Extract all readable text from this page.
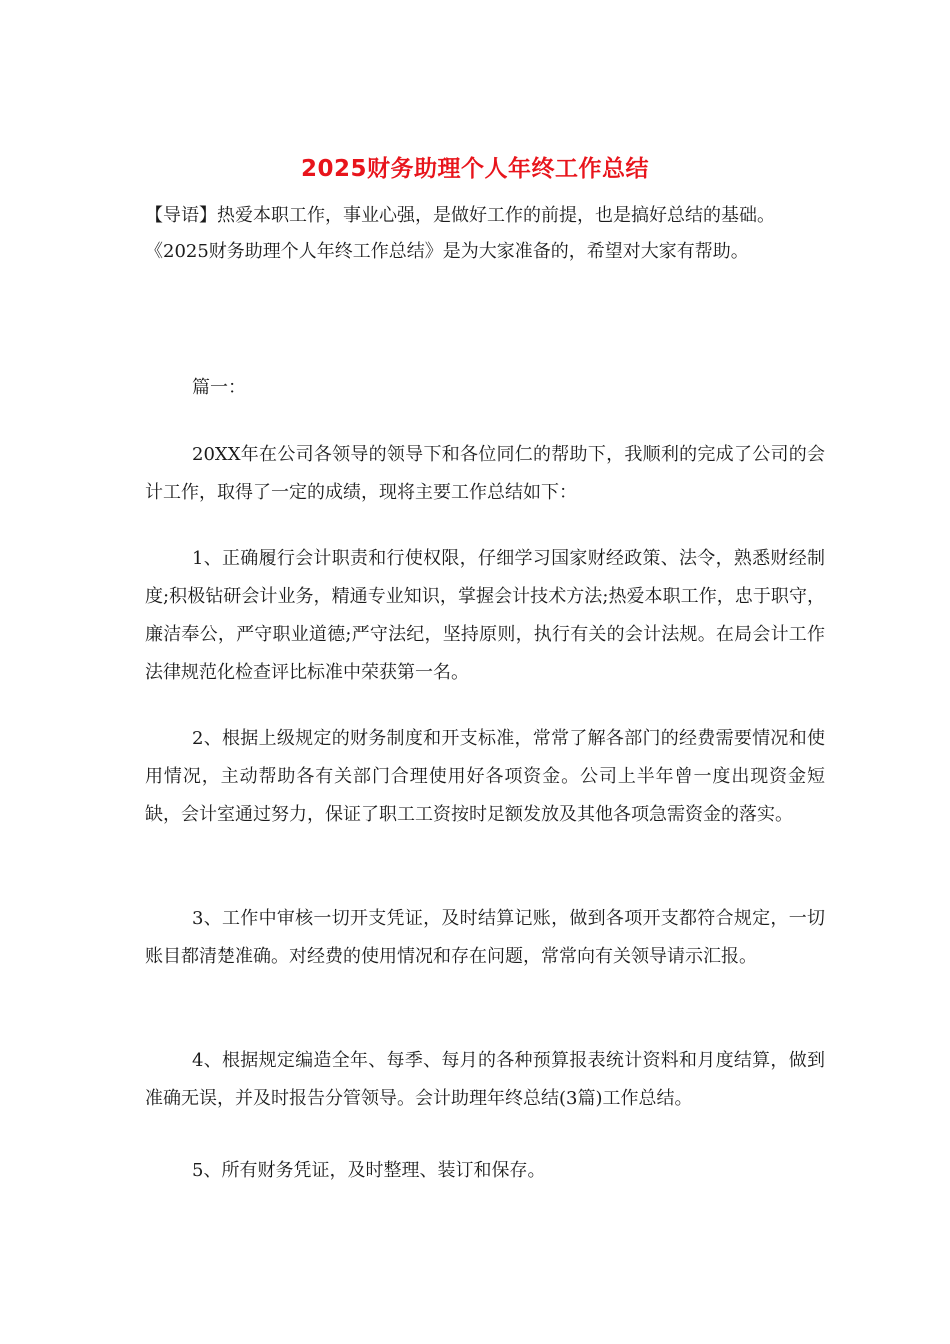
2025财务助理个人年终工作总结
【导语】热爱本职工作，事业心强，是做好工作的前提，也是搞好总结的基础。
《2025财务助理个人年终工作总结》是为大家准备的，希望对大家有帮助。
篇一：
20XX年在公司各领导的领导下和各位同仁的帮助下，我顺利的完成了公司的会计工作，取得了一定的成绩，现将主要工作总结如下：
1、正确履行会计职责和行使权限，仔细学习国家财经政策、法令，熟悉财经制度;积极钻研会计业务，精通专业知识，掌握会计技术方法;热爱本职工作，忠于职守，廉洁奉公，严守职业道德;严守法纪，坚持原则，执行有关的会计法规。在局会计工作法律规范化检查评比标准中荣获第一名。
2、根据上级规定的财务制度和开支标准，常常了解各部门的经费需要情况和使用情况，主动帮助各有关部门合理使用好各项资金。公司上半年曾一度出现资金短缺，会计室通过努力，保证了职工工资按时足额发放及其他各项急需资金的落实。
3、工作中审核一切开支凭证，及时结算记账，做到各项开支都符合规定，一切账目都清楚准确。对经费的使用情况和存在问题，常常向有关领导请示汇报。
4、根据规定编造全年、每季、每月的各种预算报表统计资料和月度结算，做到准确无误，并及时报告分管领导。会计助理年终总结(3篇)工作总结。
5、所有财务凭证，及时整理、装订和保存。
